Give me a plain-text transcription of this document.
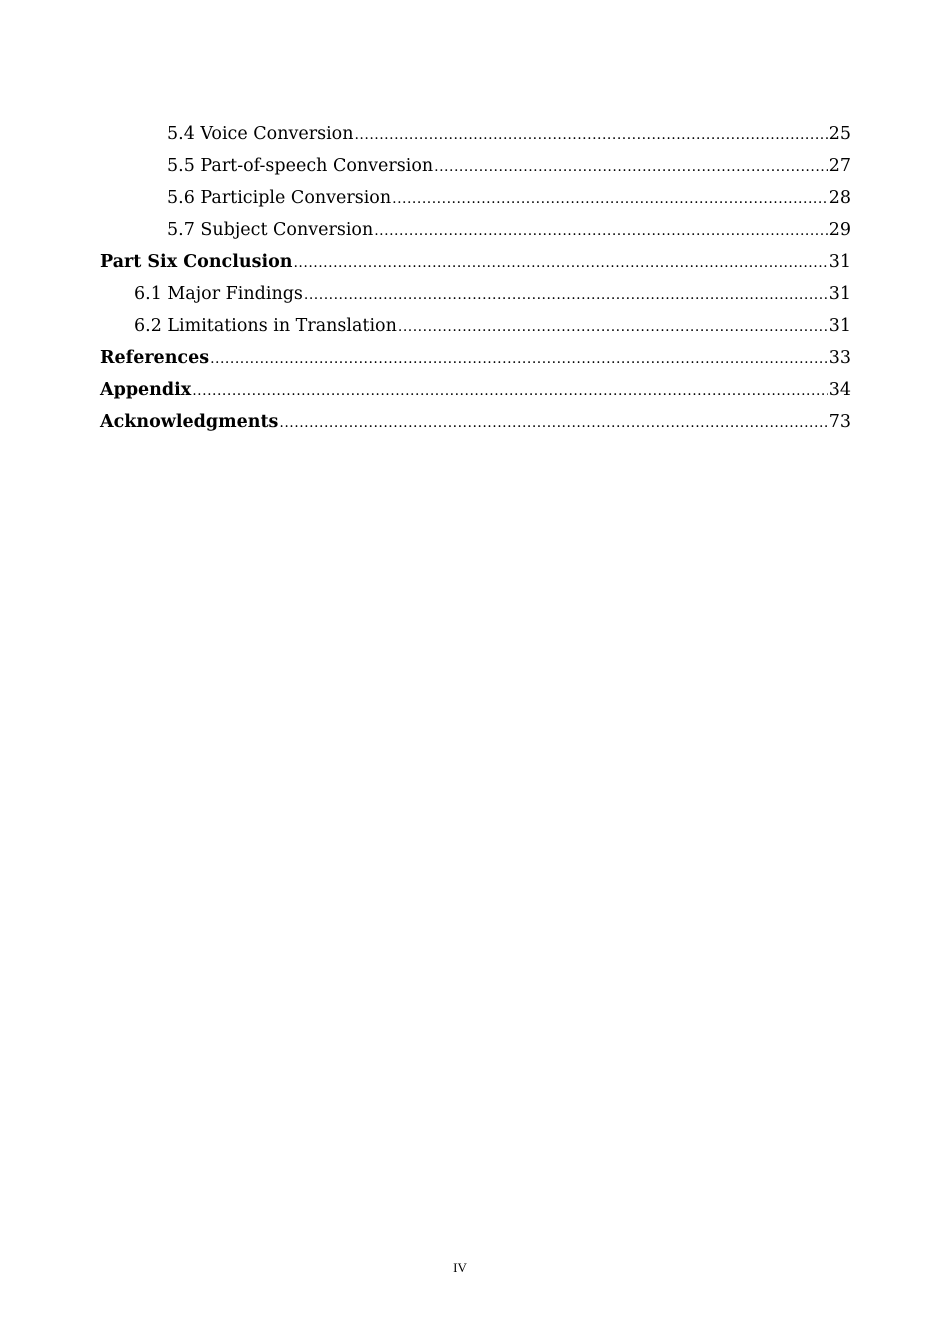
5.4 Voice Conversion .....	25
5.5 Part-of-speech Conversion .....	27
5.6 Participle Conversion .....	28
5.7 Subject Conversion .....	29
Part Six Conclusion .....	31
6.1 Major Findings .....	31
6.2 Limitations in Translation .....	31
References .....	33
Appendix .....	34
Acknowledgments .....	73
IV
